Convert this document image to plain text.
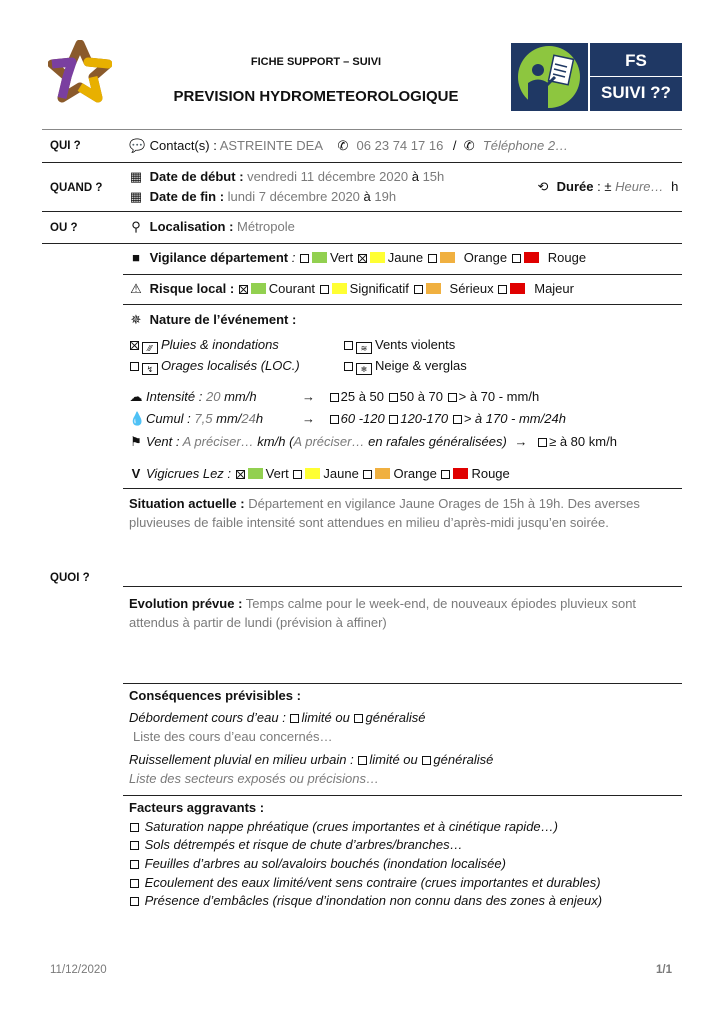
FICHE SUPPORT – SUIVI
PREVISION HYDROMETEOROLOGIQUE
FS
SUIVI ??
QUI ?	💬 Contact(s) : ASTREINTE DEA ✆ 06 23 74 17 16 / ✆ Téléphone 2…
QUAND ?
▦ Date de début : vendredi 11 décembre 2020 à 15h
▦ Date de fin : lundi 7 décembre 2020 à 19h
⟲ Durée : ± Heure… h
OU ?	⚲ Localisation : Métropole
QUOI ?
■ Vigilance département :	Vert	Jaune	Orange	Rouge
⚠ Risque local :	Courant	Significatif	Sérieux	Majeur
✵ Nature de l’événement :
⁄⁄⁄ Pluies & inondations
↯ Orages localisés (LOC.)
≋ Vents violents
❄ Neige & verglas
☁ Intensité : 20 mm/h	→ 25 à 50 50 à 70 > à 70 - mm/h
💧Cumul : 7,5 mm/24h	→ 60 -120 120-170 > à 170 - mm/24h
⚑ Vent : A préciser… km/h (A préciser… en rafales généralisées) → ≥ à 80 km/h
V Vigicrues Lez :	Vert	Jaune	Orange	Rouge
Situation actuelle : Département en vigilance Jaune Orages de 15h à 19h. Des averses
pluvieuses de faible intensité sont attendues en milieu d’après-midi jusqu’en soirée.
Evolution prévue : Temps calme pour le week-end, de nouveaux épiodes pluvieux sont
attendus à partir de lundi (prévision à affiner)
Conséquences prévisibles :
Débordement cours d’eau : limité ou généralisé
Liste des cours d’eau concernés…
Ruissellement pluvial en milieu urbain : limité ou généralisé
Liste des secteurs exposés ou précisions…
Facteurs aggravants :
Saturation nappe phréatique (crues importantes et à cinétique rapide…)
Sols détrempés et risque de chute d’arbres/branches…
Feuilles d’arbres au sol/avaloirs bouchés (inondation localisée)
Ecoulement des eaux limité/vent sens contraire (crues importantes et durables)
Présence d’embâcles (risque d’inondation non connu dans des zones à enjeux)
11/12/2020	1/1
